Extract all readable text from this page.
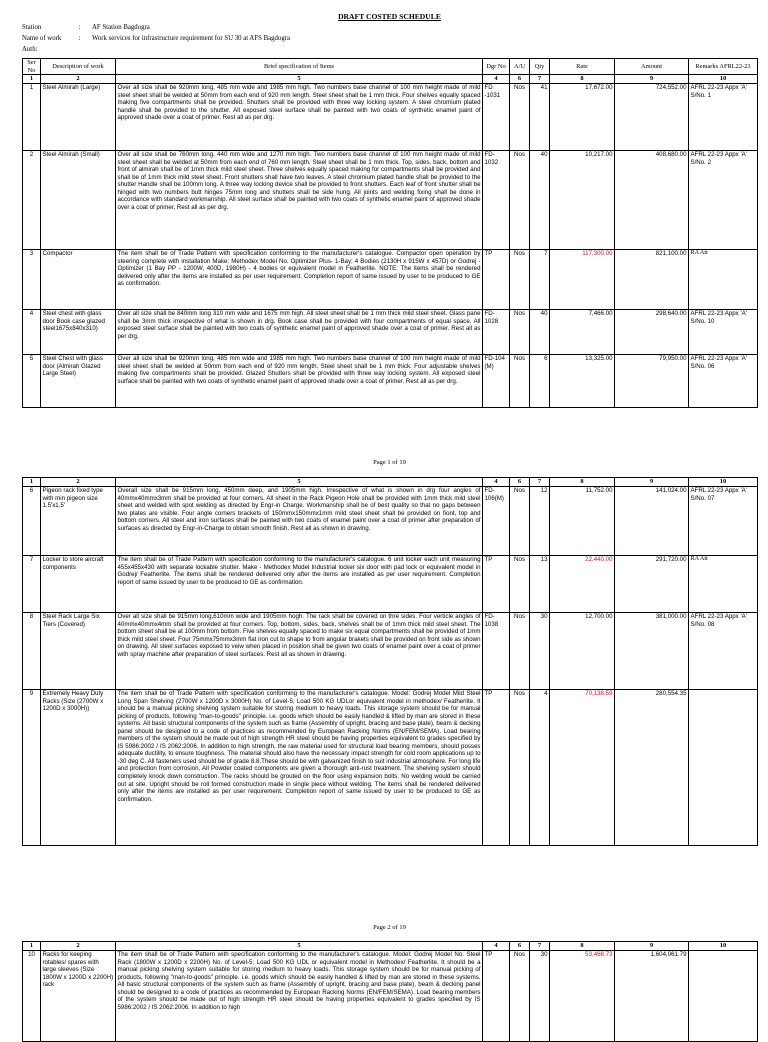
DRAFT COSTED SCHEDULE
Station	: AF Station Bagdogra
Name of work	: Work services for infrastructure requirement for SU 30 at AFS Bagdogra
Auth:
Ser No	Description of work	Brief specification of Items	Dgr No	A/U	Qty	Rate	Amount	Remarks AFRL22-23
1	2	5	4	6	7	8	9	10
1	Steel Almirah (Large)	Over all size shall be 920mm long, 485 mm wide and 1985 mm high. Two numbers base channel of 100 mm height made of mild steel sheet shall be welded at 50mm from each end of 920 mm length. Steel sheet shall be 1 mm thick. Four shelves equally spaced making five compartments shall be provided. Shutters shall be provided with three way locking system. A steel chromium plated handle shall be provided to the shutter. All exposed steel surface shall be painted with two coats of synthetic enamel paint of approved shade over a coat of primer. Rest all as per drg.	FD -1031	Nos	41	17,672.00	724,552.00	AFRL 22-23 Appx 'A' S/No. 1
2	Steel Almirah (Small)	Over all size shall be 760mm long, 440 mm wide and 1270 mm high. Two numbers base channel of 100 mm height made of mild steel sheet shall be welded at 50mm from each end of 760 mm length. Steel sheet shall be 1 mm thick. Top, sides, back, bottom and front of almirah shall be of 1mm thick mild steel sheet. Three shelves equally spaced making for compartments shall be provided and shall be of 1mm thick mild steel sheet. Front shutters shall have two leaves. A steel chromium plated handle shall be provided to the shutter Handle shall be 100mm long. A three way locking device shall be provided to front shutters. Each leaf of front shutter shall be hinged with two numbers butt hinges 75mm long and shutters shall be side hung. All joints and welding fixing shall be done in accordance with standard workmanship. All steel surface shall be painted with two coats of synthetic enamel paint of approved shade over a coat of primer. Rest all as per drg.	FD-1032	Nos	40	10,217.00	408,680.00	AFRL 22-23 Appx 'A' S/No. 2
3	Compactor	The item shall be of Trade Pattern with specification conforming to the manufacturer's catalogue. Compactor open operation by steering complete with installation Make: Methodex Model No. Optimizer Plus- 1-Bay; 4 Bodies (2130H x 915W x 457D) or Godrej - Optimizer (1 Bay PP - 1200W, 400D, 1980H) - 4 bodies or equivalent model in Featherlite. NOTE: The items shall be rendered delivered only after the items are installed as per user requirement. Completion report of same issued by user to be produced to GE as confirmation.	TP	Nos	7	117,300.00	821,100.00	RA Att
4	Steel chest with glass door Book case glazed steel1675x840x310)	Over all size shall be 840mm long 310 mm wide and 1675 mm high. All steel sheet shall be 1 mm thick mild steel sheet. Glass pane shall be 3mm thick irrespective of what is shown in drg. Book case shall be provided with four compartments of equal space. All exposed steel surface shall be painted with two coats of synthetic enamel paint of approved shade over a coat of primer. Rest all as per drg.	FD-1028	Nos	40	7,466.00	298,640.00	AFRL 22-23 Appx 'A' S/No. 10
5	Steel Chest with glass door (Almirah Glazed Large Steel)	Over all size shall be 920mm long, 485 mm wide and 1985 mm high. Two numbers base channel of 100 mm height made of mild steel sheet shall be welded at 50mm from each end of 920 mm length. Steel sheet shall be 1 mm thick. Four adjustable shelves making five compartments shall be provided. Glazed Shutters shall be provided with three way locking system. All exposed steel surface shall be painted with two coats of synthetic enamel paint of approved shade over a coat of primer. Rest all as per drg.	FD-104 (M)	Nos	6	13,325.00	79,950.00	AFRL 22-23 Appx 'A' S/No. 06
1	2	5	4	6	7	8	9	10
6	Pigeon rack fixed type with min pigeon size 1.5'x1.5'	Overall size shall be 915mm long, 450mm deep, and 1905mm high. Irrespective of what is shown in drg four angles of 40mmx40mmx3mm shall be provided at four corners. All sheet in the Rack Pigeon Hole shall be provided with 1mm thick mild steel sheet and welded with spot welding as directed by Engr-in Charge. Workmanship shall be of best quality so that no gaps between two plates are visible. Four angle corners brackets of 150mmx150mmx1mm mild steel sheet shall be provided on fiont, top and bottom corners. All steel and iron surfaces shall be painted with two coats of enamel paint over a coat of primer after preparation of surfaces as directed by Engr-in-Charge to obtain smooth finish. Rest all as shown in drawing.	FD-106(M)	Nos	12	11,752.00	141,024.00	AFRL 22-23 Appx 'A' S/No. 07
7	Locker to store aircraft components	The item shall be of Trade Pattern with specification conforming to the manufacturer's catalogue. 6 unit locker each unit measuring 455x455x430 with separate lockable shutter. Make - Methodex Model Industrial locker six door with pad lock or equivalent model in Godrej/ Featherlite. The items shall be rendered delivered only after the items are installed as per user requirement. Completion report of same issued by user to be produced to GE as confirmation.	TP	Nos	13	22,440.00	291,720.00	RA Att
8	Steel Rack Large Six Tiers (Covered)	Over all size shall be 915mm long,610mm wide and 1905mm hogh. The rack shall be covered on thre sides. Four verticle angles of 40mmx40mmx4mm shall be provided at four corners. Top, bottom, sides, back, shelves shall be of 1mm thick mild steel sheet. The bottom sheet shall be at 100mm from bottom. Five shelves equally spaced to make six equal compartments shall be provided of 1mm thick mild steel sheet. Four 75mmx75mmx3mm flat iron cut to shape to from angular brakets shall be provided on front side as shown on drawing. All steel surfaces exposed to veiw when placed in position shall be given two coats of enamel paint over a coat of primer with spray machine after preparation of steel surfaces. Rest all as shown in drawing.	FD-1038	Nos	30	12,700.00	381,000.00	AFRL 22-23 Appx 'A' S/No. 08
9	Extremely Heavy Duty Racks (Size (2700W x 1200D x 3000H))	The item shall be of Trade Pattern with specification conforming to the manufacturer's catalogue. Model: Godrej Model Mild Steel Long Span Shelving (2700W x 1200D x 3000H) No. of Level-5; Load 500 KG UDLor equivalent model in methodex/ Featherlite. It should be a manual picking shelving system suitable for storing medium to heavy loads. This storage system should be for manual picking of products, following "man-to-goods" principle. i.e. goods which should be easily handled & lifted by man are stored in these systems. All basic structural components of the system such as frame (Assembly of upright, bracing and base plate), beam & decking panel should be designed to a code of practices as recommended by European Racking Norms (EN/FEM/SEMA). Load bearing members of the system should be made out of high strength HR steel should be having properties equivalent to grades specified by IS 5986:2002 / IS 2062:2006. In addition to high strength, the raw material used for structural load bearing members, should posses adequate ductility, to ensure toughness. The material should also have the necessary impact strength for cold room applications up to -30 deg C. All fasteners used should be of grade 8.8.These should be with galvanized finish to suit industrial atmosphere. For long life and protection from corrosion, All Powder coated components are given a thorough anti-rust treatment. The shelving system should completely knock down construction. The racks should be grouted on the floor using expansion bolts. No welding would be carried out at site. Upright should be roll formed construction made in single piece without welding. The items shall be rendered delivered only after the items are installed as per user requirement. Completion report of same issued by user to be produced to GE as confirmation.	TP	Nos	4	70,138.59	280,554.35	
1	2	5	4	6	7	8	9	10
10	Racks for keeping rotables/ spares with large sleeves (Size 1800W x 1200D x 2200H) rack	The item shall be of Trade Pattern with specification conforming to the manufacturer's catalogue. Model: Godrej Model No. Steel Rack (1800W x 1200D x 2200H) No. of Level-5; Load 500 KG UDL or equivalent model in Methodex/ Featherlite. It should be a manual picking shelving system suitable for storing medium to heavy loads. This storage system should be for manual picking of products, following "man-to-goods" principle. i.e. goods which should be easily handled & lifted by man are stored in these systems. All basic structural components of the system such as frame (Assembly of upright, bracing and base plate), beam & decking panel should be designed to a code of practices as recommended by European Racking Norms (EN/FEM/SEMA). Load bearing members of the system should be made out of high strength HR steel should be having properties equivalent to grades specified by IS 5986:2002 / IS 2062:2006. In addition to high	TP	Nos	30	53,468.73	1,604,061.79	
Page 1 of 19
Page 2 of 19
